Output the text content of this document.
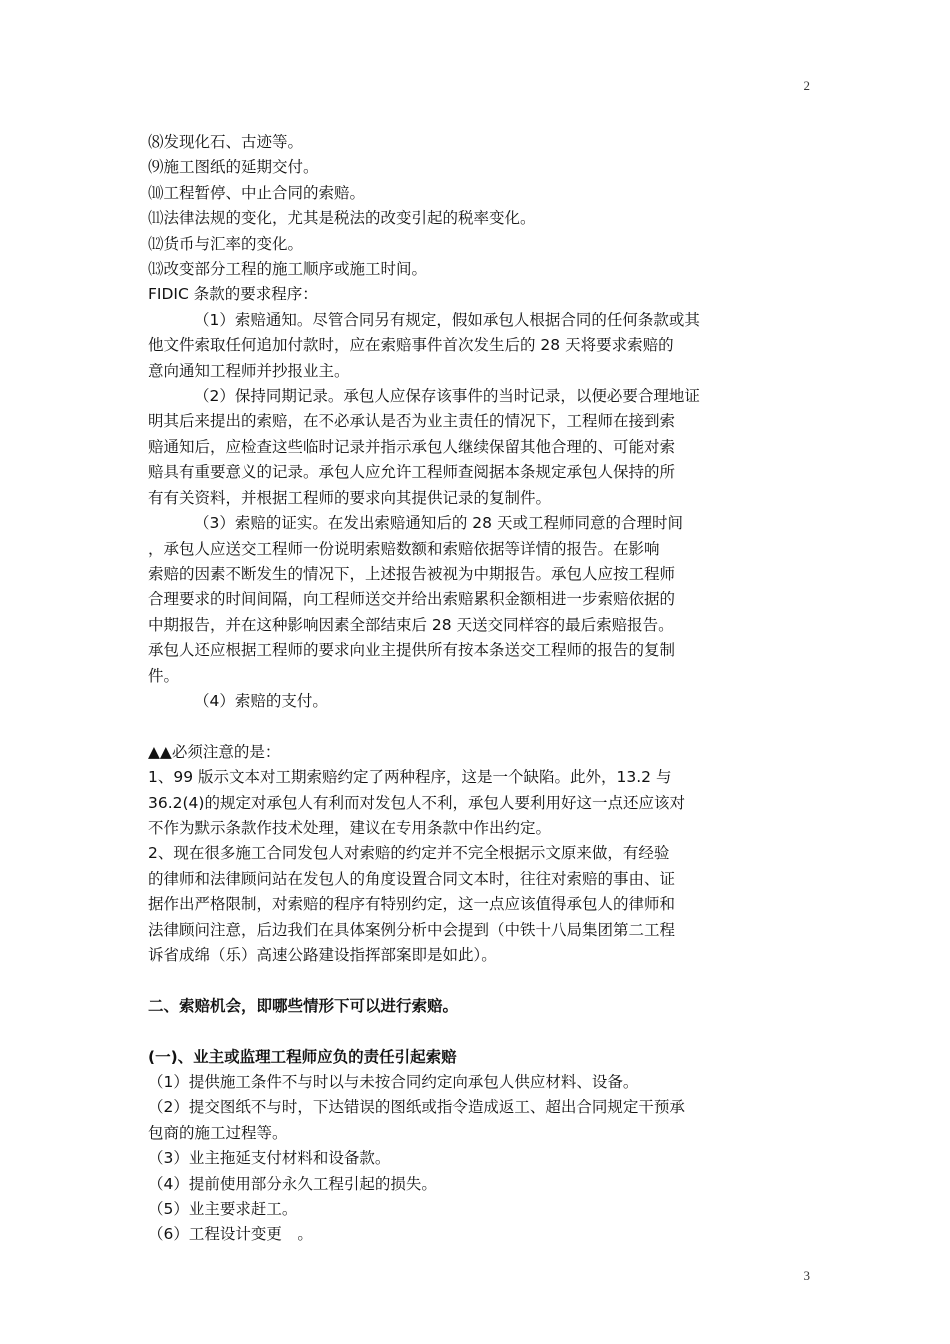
2
⑻发现化石、古迹等。
⑼施工图纸的延期交付。
⑽工程暂停、中止合同的索赔。
⑾法律法规的变化，尤其是税法的改变引起的税率变化。
⑿货币与汇率的变化。
⒀改变部分工程的施工顺序或施工时间。
FIDIC 条款的要求程序：
（1）索赔通知。尽管合同另有规定，假如承包人根据合同的任何条款或其
他文件索取任何追加付款时，应在索赔事件首次发生后的 28 天将要求索赔的
意向通知工程师并抄报业主。
（2）保持同期记录。承包人应保存该事件的当时记录，以便必要合理地证
明其后来提出的索赔，在不必承认是否为业主责任的情况下，工程师在接到索
赔通知后，应检查这些临时记录并指示承包人继续保留其他合理的、可能对索
赔具有重要意义的记录。承包人应允许工程师查阅据本条规定承包人保持的所
有有关资料，并根据工程师的要求向其提供记录的复制件。
（3）索赔的证实。在发出索赔通知后的 28 天或工程师同意的合理时间
，承包人应送交工程师一份说明索赔数额和索赔依据等详情的报告。在影响
索赔的因素不断发生的情况下，上述报告被视为中期报告。承包人应按工程师
合理要求的时间间隔，向工程师送交并给出索赔累积金额相进一步索赔依据的
中期报告，并在这种影响因素全部结束后 28 天送交同样容的最后索赔报告。
承包人还应根据工程师的要求向业主提供所有按本条送交工程师的报告的复制
件。
（4）索赔的支付。
▲▲必须注意的是：
1、99 版示文本对工期索赔约定了两种程序，这是一个缺陷。此外，13.2 与
36.2(4)的规定对承包人有利而对发包人不利，承包人要利用好这一点还应该对
不作为默示条款作技术处理，建议在专用条款中作出约定。
2、现在很多施工合同发包人对索赔的约定并不完全根据示文原来做，有经验
的律师和法律顾问站在发包人的角度设置合同文本时，往往对索赔的事由、证
据作出严格限制，对索赔的程序有特别约定，这一点应该值得承包人的律师和
法律顾问注意，后边我们在具体案例分析中会提到（中铁十八局集团第二工程
诉省成绵（乐）高速公路建设指挥部案即是如此）。
二、索赔机会，即哪些情形下可以进行索赔。
(一)、业主或监理工程师应负的责任引起索赔
（1）提供施工条件不与时以与未按合同约定向承包人供应材料、设备。
（2）提交图纸不与时，下达错误的图纸或指令造成返工、超出合同规定干预承
包商的施工过程等。
（3）业主拖延支付材料和设备款。
（4）提前使用部分永久工程引起的损失。
（5）业主要求赶工。
（6）工程设计变更　。
3
